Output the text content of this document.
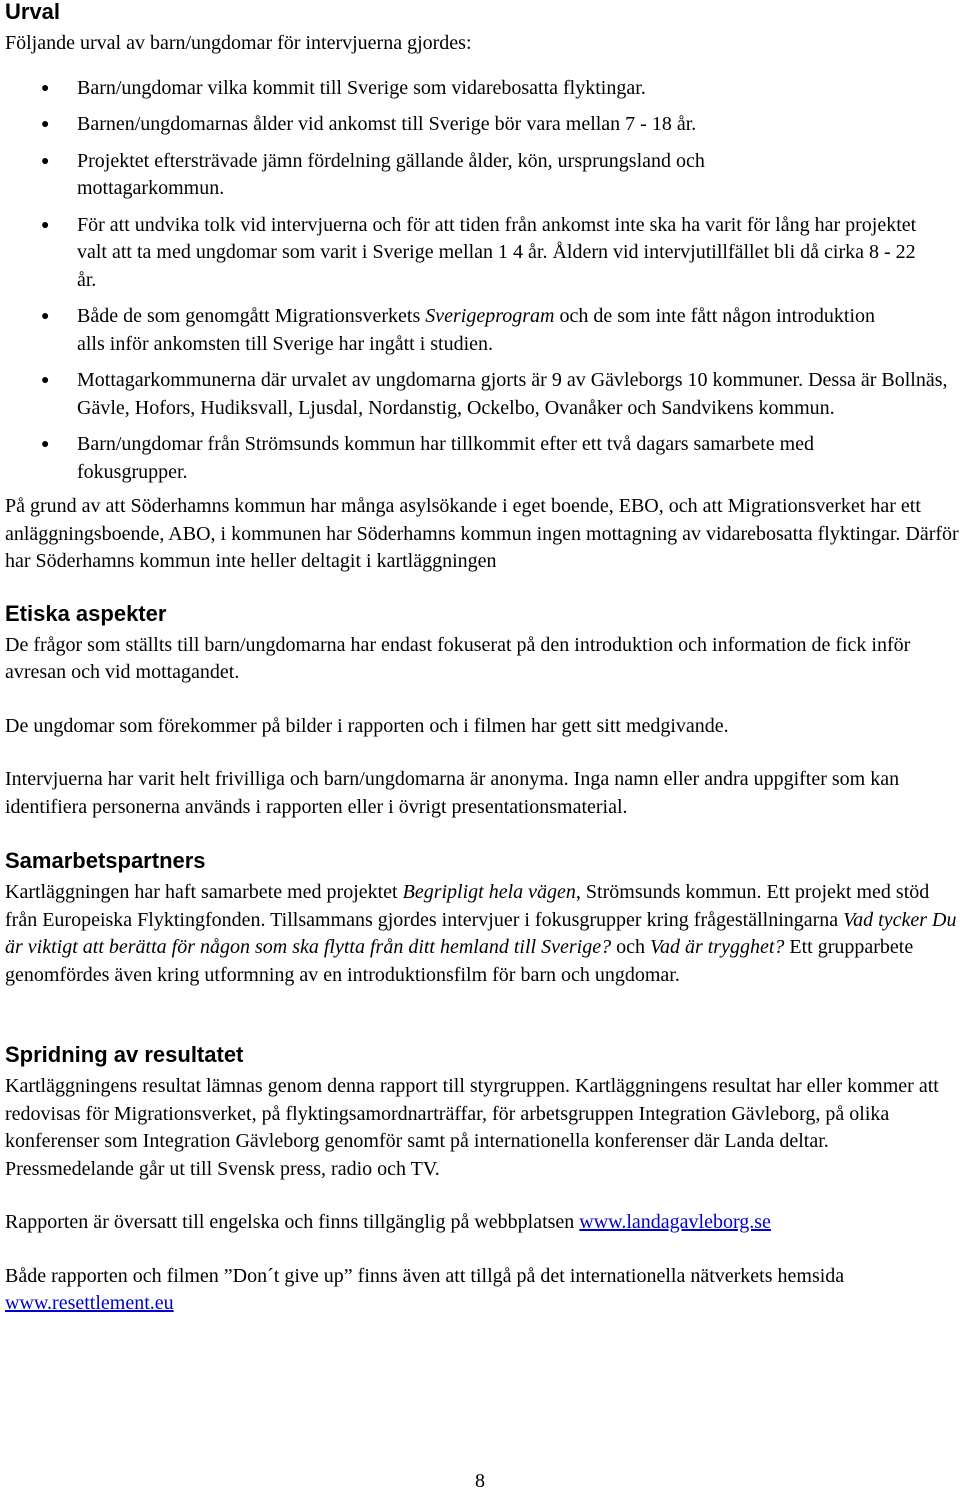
Urval

Följande urval av barn/ungdomar för intervjuerna gjordes:

● Barn/ungdomar vilka kommit till Sverige som vidarebosatta flyktingar.
● Barnen/ungdomarnas ålder vid ankomst till Sverige bör vara mellan 7 - 18 år.
● Projektet eftersträvade jämn fördelning gällande ålder, kön, ursprungsland och mottagarkommun.
● För att undvika tolk vid intervjuerna och för att tiden från ankomst inte ska ha varit för lång har projektet valt att ta med ungdomar som varit i Sverige mellan 1 4 år. Åldern vid intervjutillfället bli då cirka 8 - 22 år.
● Både de som genomgått Migrationsverkets Sverigeprogram och de som inte fått någon introduktion alls inför ankomsten till Sverige har ingått i studien.
● Mottagarkommunerna där urvalet av ungdomarna gjorts är 9 av Gävleborgs 10 kommuner. Dessa är Bollnäs, Gävle, Hofors, Hudiksvall, Ljusdal, Nordanstig, Ockelbo, Ovanåker och Sandvikens kommun.
● Barn/ungdomar från Strömsunds kommun har tillkommit efter ett två dagars samarbete med fokusgrupper.

På grund av att Söderhamns kommun har många asylsökande i eget boende, EBO, och att Migrationsverket har ett anläggningsboende, ABO, i kommunen har Söderhamns kommun ingen mottagning av vidarebosatta flyktingar. Därför har Söderhamns kommun inte heller deltagit i kartläggningen

Etiska aspekter

De frågor som ställts till barn/ungdomarna har endast fokuserat på den introduktion och information de fick inför avresan och vid mottagandet.

De ungdomar som förekommer på bilder i rapporten och i filmen har gett sitt medgivande.

Intervjuerna har varit helt frivilliga och barn/ungdomarna är anonyma. Inga namn eller andra uppgifter som kan identifiera personerna används i rapporten eller i övrigt presentationsmaterial.

Samarbetspartners

Kartläggningen har haft samarbete med projektet Begripligt hela vägen, Strömsunds kommun. Ett projekt med stöd från Europeiska Flyktingfonden. Tillsammans gjordes intervjuer i fokusgrupper kring frågeställningarna Vad tycker Du är viktigt att berätta för någon som ska flytta från ditt hemland till Sverige? och Vad är trygghet? Ett grupparbete genomfördes även kring utformning av en introduktionsfilm för barn och ungdomar.

Spridning av resultatet

Kartläggningens resultat lämnas genom denna rapport till styrgruppen. Kartläggningens resultat har eller kommer att redovisas för Migrationsverket, på flyktingsamordnarträffar, för arbetsgruppen Integration Gävleborg, på olika konferenser som Integration Gävleborg genomför samt på internationella konferenser där Landa deltar. Pressmedelande går ut till Svensk press, radio och TV.

Rapporten är översatt till engelska och finns tillgänglig på webbplatsen www.landagavleborg.se

Både rapporten och filmen ”Don´t give up” finns även att tillgå på det internationella nätverkets hemsida www.resettlement.eu

8
